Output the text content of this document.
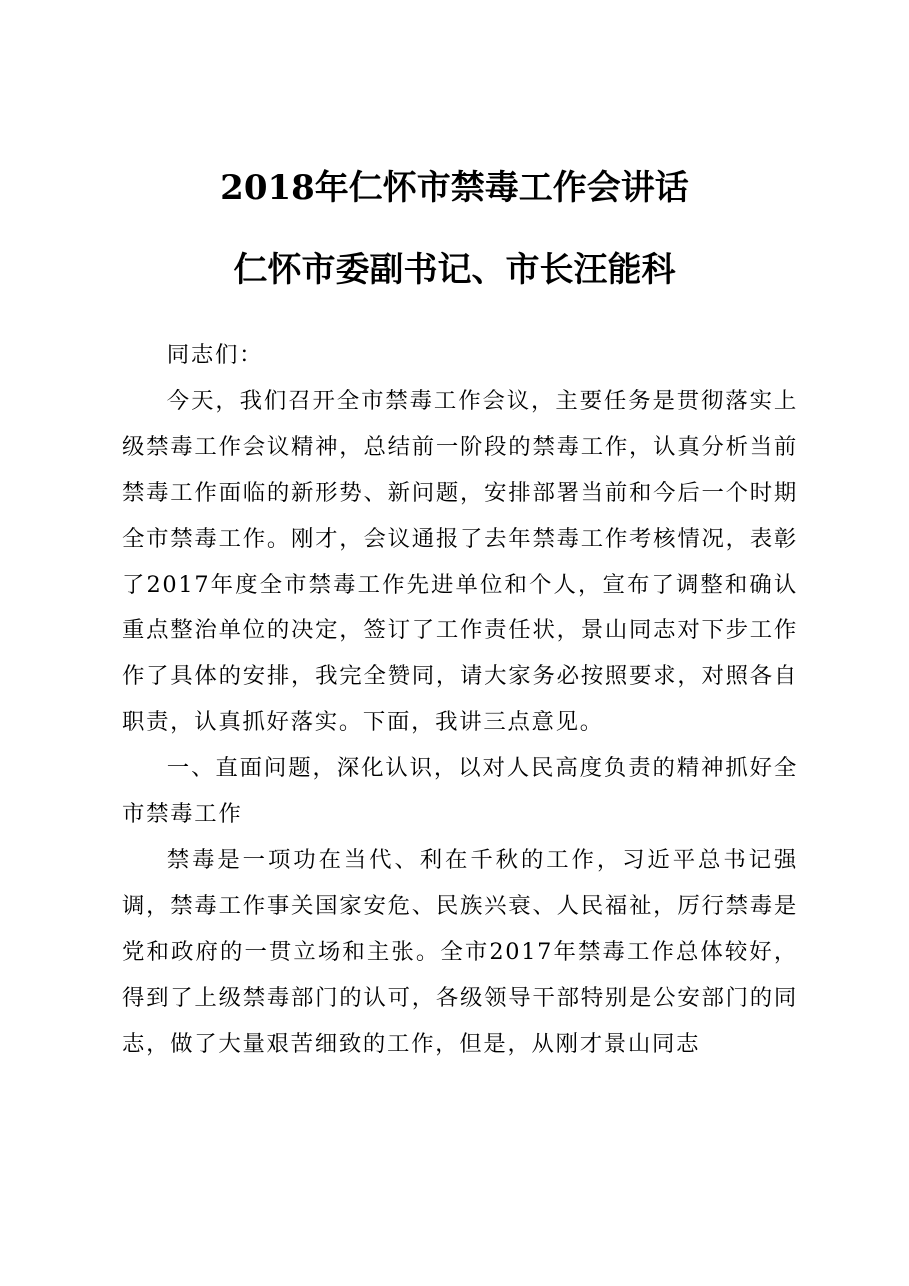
2018年仁怀市禁毒工作会讲话
仁怀市委副书记、市长汪能科

同志们：

今天，我们召开全市禁毒工作会议，主要任务是贯彻落实上级禁毒工作会议精神，总结前一阶段的禁毒工作，认真分析当前禁毒工作面临的新形势、新问题，安排部署当前和今后一个时期全市禁毒工作。刚才，会议通报了去年禁毒工作考核情况，表彰了2017年度全市禁毒工作先进单位和个人，宣布了调整和确认重点整治单位的决定，签订了工作责任状，景山同志对下步工作作了具体的安排，我完全赞同，请大家务必按照要求，对照各自职责，认真抓好落实。下面，我讲三点意见。

一、直面问题，深化认识，以对人民高度负责的精神抓好全市禁毒工作

禁毒是一项功在当代、利在千秋的工作，习近平总书记强调，禁毒工作事关国家安危、民族兴衰、人民福祉，厉行禁毒是党和政府的一贯立场和主张。全市2017年禁毒工作总体较好，得到了上级禁毒部门的认可，各级领导干部特别是公安部门的同志，做了大量艰苦细致的工作，但是，从刚才景山同志
